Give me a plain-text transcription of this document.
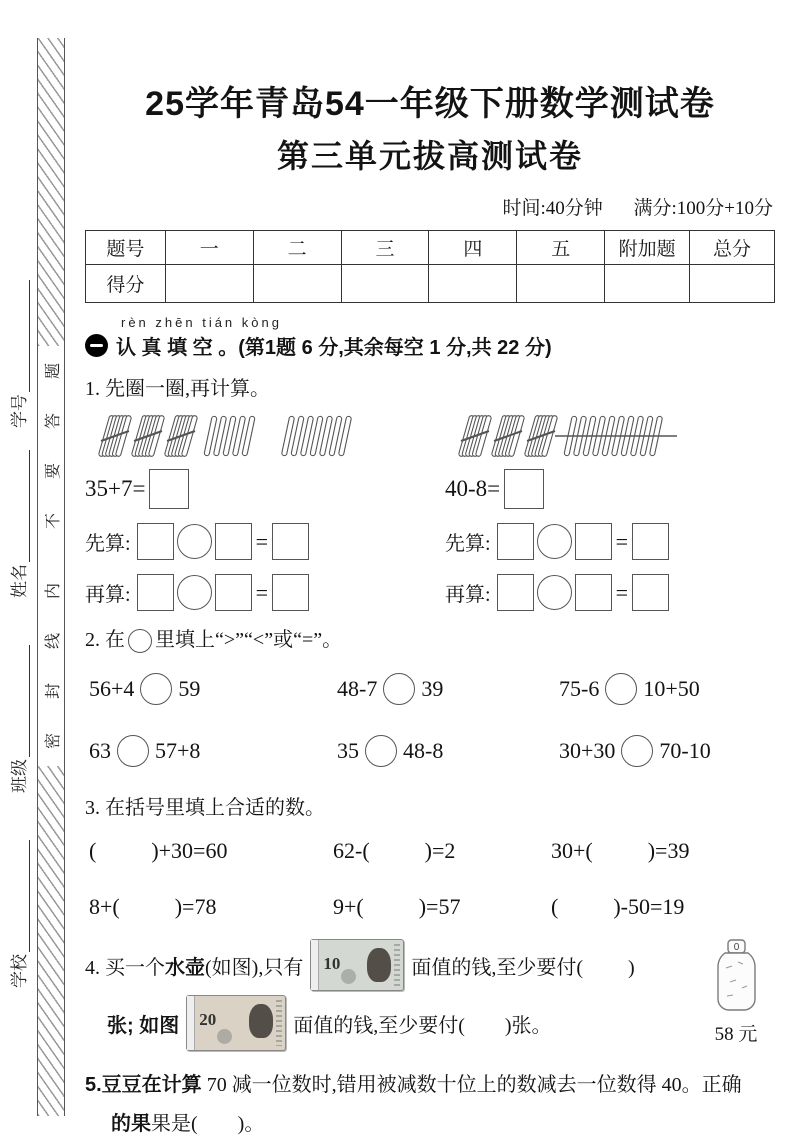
题
答
要
不
内
线
封
密
学号
姓名
班级
学校
25学年青岛54一年级下册数学测试卷
第三单元拔高测试卷
时间:40分钟 满分:100分+10分
题号	一	二	三	四	五	附加题	总分
得分							
rèn zhēn tián kòng
认 真 填 空 。 (第1题 6 分,其余每空 1 分,共 22 分)
1. 先圈一圈,再计算。
35+7=
先算:	=
再算:	=
40-8=
先算:	=
再算:	=
2. 在 里填上“>”“<”或“=”。
56+4 59	48-7 39	75-6 10+50
63 57+8	35 48-8	30+30 70-10
3. 在括号里填上合适的数。
(          )+30=60	62-(          )=2	30+(          )=39
8+(          )=78	9+(          )=57	(          )-50=19
4. 买一个 水壶 (如图),只有 10	面值的钱,至少要付(         )
张; 如图 20	面值的钱,至少要付(        )张。
0
58 元
5.豆豆在计算 70 减一位数时,错用被减数十位上的数减去一位数得 40。正确
的果果是(        )。
